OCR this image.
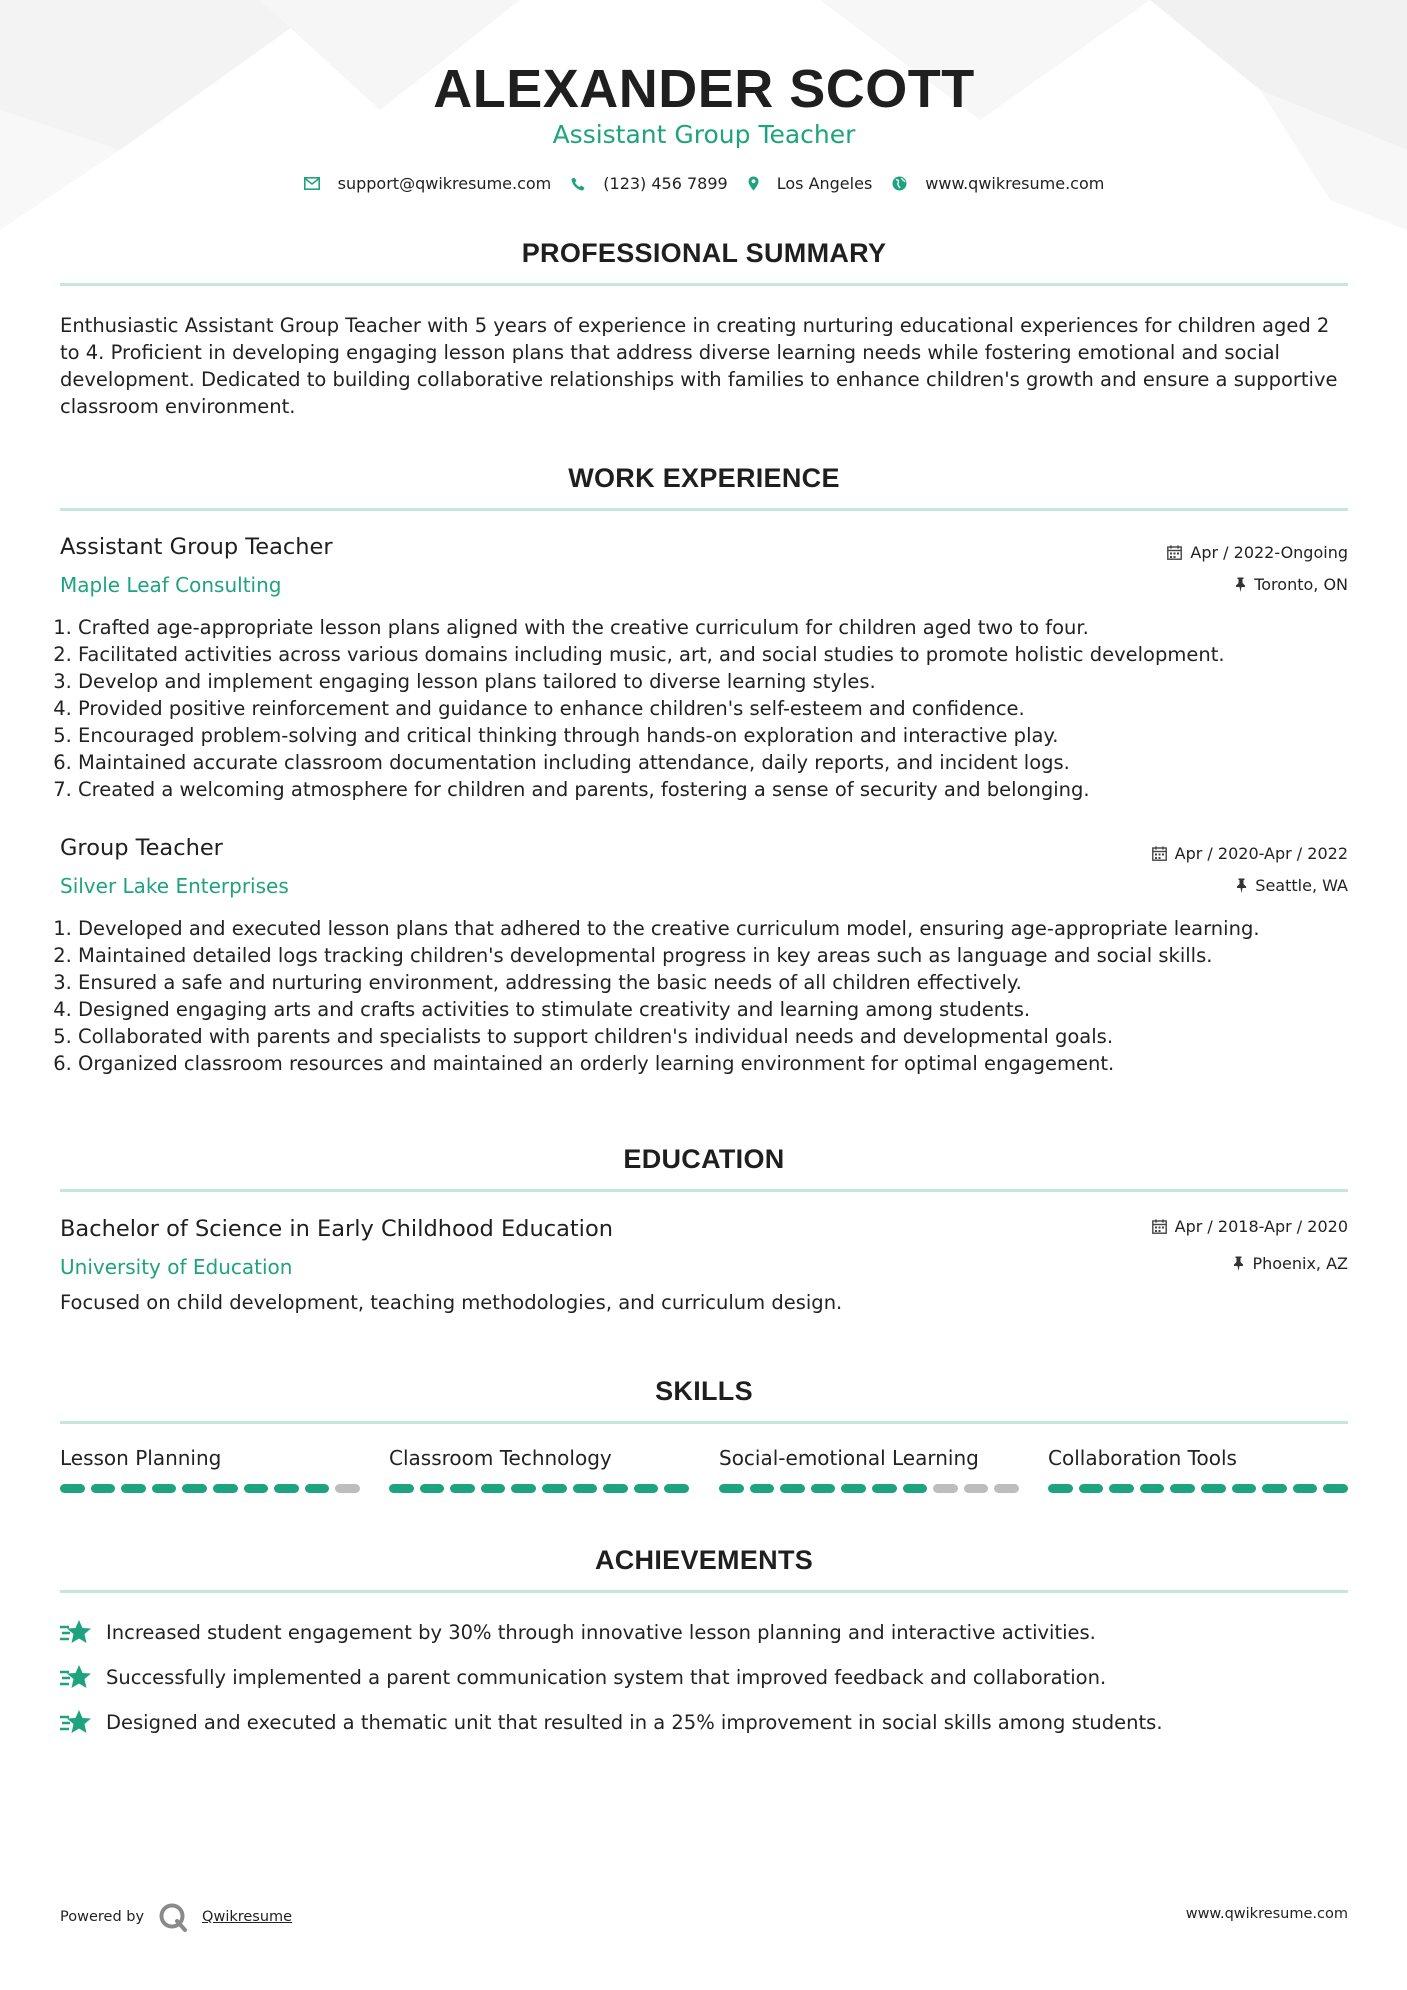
ALEXANDER SCOTT
Assistant Group Teacher
support@qwikresume.com	(123) 456 7899	Los Angeles	www.qwikresume.com
PROFESSIONAL SUMMARY
Enthusiastic Assistant Group Teacher with 5 years of experience in creating nurturing educational experiences for children aged 2 to 4. Proficient in developing engaging lesson plans that address diverse learning needs while fostering emotional and social development. Dedicated to building collaborative relationships with families to enhance children's growth and ensure a supportive classroom environment.
WORK EXPERIENCE
Assistant Group Teacher	Apr / 2022-Ongoing
Maple Leaf Consulting	Toronto, ON
1. Crafted age-appropriate lesson plans aligned with the creative curriculum for children aged two to four.
2. Facilitated activities across various domains including music, art, and social studies to promote holistic development.
3. Develop and implement engaging lesson plans tailored to diverse learning styles.
4. Provided positive reinforcement and guidance to enhance children's self-esteem and confidence.
5. Encouraged problem-solving and critical thinking through hands-on exploration and interactive play.
6. Maintained accurate classroom documentation including attendance, daily reports, and incident logs.
7. Created a welcoming atmosphere for children and parents, fostering a sense of security and belonging.
Group Teacher	Apr / 2020-Apr / 2022
Silver Lake Enterprises	Seattle, WA
1. Developed and executed lesson plans that adhered to the creative curriculum model, ensuring age-appropriate learning.
2. Maintained detailed logs tracking children's developmental progress in key areas such as language and social skills.
3. Ensured a safe and nurturing environment, addressing the basic needs of all children effectively.
4. Designed engaging arts and crafts activities to stimulate creativity and learning among students.
5. Collaborated with parents and specialists to support children's individual needs and developmental goals.
6. Organized classroom resources and maintained an orderly learning environment for optimal engagement.
EDUCATION
Bachelor of Science in Early Childhood Education	Apr / 2018-Apr / 2020
University of Education	Phoenix, AZ
Focused on child development, teaching methodologies, and curriculum design.
SKILLS
Lesson Planning	Classroom Technology	Social-emotional Learning	Collaboration Tools
ACHIEVEMENTS
Increased student engagement by 30% through innovative lesson planning and interactive activities.
Successfully implemented a parent communication system that improved feedback and collaboration.
Designed and executed a thematic unit that resulted in a 25% improvement in social skills among students.
Powered by	Qwikresume	www.qwikresume.com
